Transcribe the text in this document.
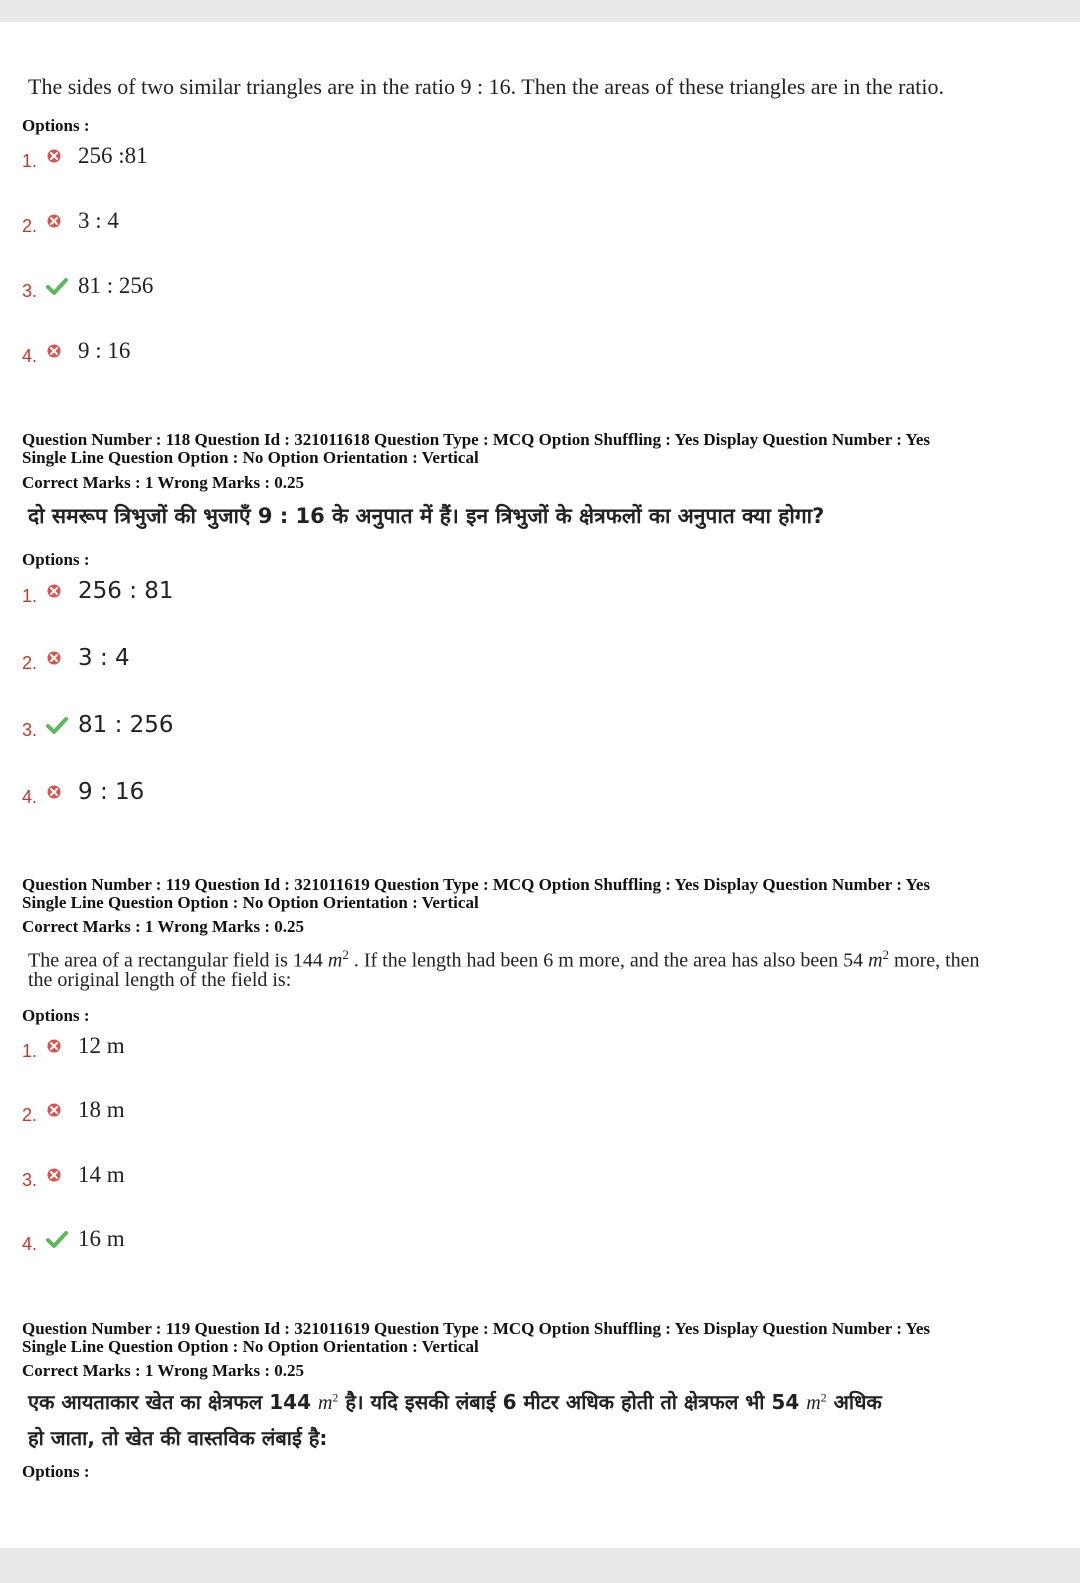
The sides of two similar triangles are in the ratio 9 : 16. Then the areas of these triangles are in the ratio.
Options :
1.	256 :81
2.	3 : 4
3.	81 : 256
4.	9 : 16
Question Number : 118 Question Id : 321011618 Question Type : MCQ Option Shuffling : Yes Display Question Number : Yes
Single Line Question Option : No Option Orientation : Vertical
Correct Marks : 1 Wrong Marks : 0.25
दो समरूप त्रिभुजों की भुजाएँ 9 : 16 के अनुपात में हैं। इन त्रिभुजों के क्षेत्रफलों का अनुपात क्या होगा?
Options :
1.	256 : 81
2.	3 : 4
3.	81 : 256
4.	9 : 16
Question Number : 119 Question Id : 321011619 Question Type : MCQ Option Shuffling : Yes Display Question Number : Yes
Single Line Question Option : No Option Orientation : Vertical
Correct Marks : 1 Wrong Marks : 0.25
The area of a rectangular field is 144 $m^2$ . If the length had been 6 m more, and the area has also been 54 $m^2$ more, then
the original length of the field is:
Options :
1.	12 m
2.	18 m
3.	14 m
4.	16 m
Question Number : 119 Question Id : 321011619 Question Type : MCQ Option Shuffling : Yes Display Question Number : Yes
Single Line Question Option : No Option Orientation : Vertical
Correct Marks : 1 Wrong Marks : 0.25
एक आयताकार खेत का क्षेत्रफल 144 $m^2$ है। यदि इसकी लंबाई 6 मीटर अधिक होती तो क्षेत्रफल भी 54 $m^2$ अधिक
हो जाता, तो खेत की वास्तविक लंबाई है:
Options :
